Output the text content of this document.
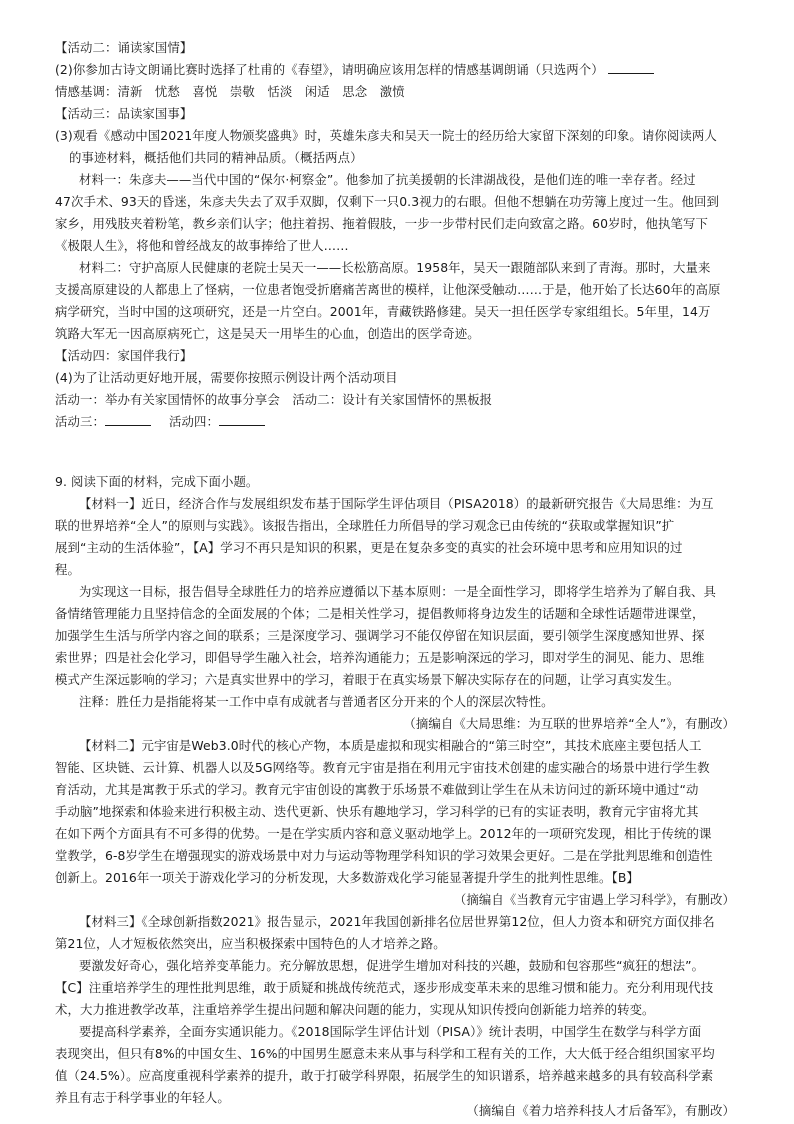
【活动二：诵读家国情】
(2)你参加古诗文朗诵比赛时选择了杜甫的《春望》，请明确应该用怎样的情感基调朗诵（只选两个）
情感基调：清新　忧愁　喜悦　崇敬　恬淡　闲适　思念　激愤
【活动三：品读家国事】
(3)观看《感动中国2021年度人物颁奖盛典》时，英雄朱彦夫和吴天一院士的经历给大家留下深刻的印象。请你阅读两人
的事迹材料，概括他们共同的精神品质。（概括两点）
材料一：朱彦夫——当代中国的“保尔·柯察金”。他参加了抗美援朝的长津湖战役，是他们连的唯一幸存者。经过
47次手术、93天的昏迷，朱彦夫失去了双手双脚，仅剩下一只0.3视力的右眼。但他不想躺在功劳簿上度过一生。他回到
家乡，用残肢夹着粉笔，教乡亲们认字；他拄着拐、拖着假肢，一步一步带村民们走向致富之路。60岁时，他执笔写下
《极限人生》，将他和曾经战友的故事捧给了世人……
材料二：守护高原人民健康的老院士吴天一——长松筋高原。1958年，吴天一跟随部队来到了青海。那时，大量来
支援高原建设的人都患上了怪病，一位患者饱受折磨痛苦离世的模样，让他深受触动……于是，他开始了长达60年的高原
病学研究，当时中国的这项研究，还是一片空白。2001年，青藏铁路修建。吴天一担任医学专家组组长。5年里，14万
筑路大军无一因高原病死亡，这是吴天一用毕生的心血，创造出的医学奇迹。
【活动四：家国伴我行】
(4)为了让活动更好地开展，需要你按照示例设计两个活动项目
活动一：举办有关家国情怀的故事分享会　活动二：设计有关家国情怀的黑板报
活动三：	活动四：
9. 阅读下面的材料，完成下面小题。
【材料一】近日，经济合作与发展组织发布基于国际学生评估项目（PISA2018）的最新研究报告《大局思维：为互
联的世界培养“全人”的原则与实践》。该报告指出，全球胜任力所倡导的学习观念已由传统的“获取或掌握知识”扩
展到“主动的生活体验”，【A】学习不再只是知识的积累，更是在复杂多变的真实的社会环境中思考和应用知识的过
程。
为实现这一目标，报告倡导全球胜任力的培养应遵循以下基本原则：一是全面性学习，即将学生培养为了解自我、具
备情绪管理能力且坚持信念的全面发展的个体；二是相关性学习，提倡教师将身边发生的话题和全球性话题带进课堂，
加强学生生活与所学内容之间的联系；三是深度学习、强调学习不能仅停留在知识层面，要引领学生深度感知世界、探
索世界；四是社会化学习，即倡导学生融入社会，培养沟通能力；五是影响深远的学习，即对学生的洞见、能力、思维
模式产生深远影响的学习；六是真实世界中的学习，着眼于在真实场景下解决实际存在的问题，让学习真实发生。
注释：胜任力是指能将某一工作中卓有成就者与普通者区分开来的个人的深层次特性。
（摘编自《大局思维：为互联的世界培养“全人”》，有删改）
【材料二】元宇宙是Web3.0时代的核心产物，本质是虚拟和现实相融合的“第三时空”，其技术底座主要包括人工
智能、区块链、云计算、机器人以及5G网络等。教育元宇宙是指在利用元宇宙技术创建的虚实融合的场景中进行学生教
育活动，尤其是寓教于乐式的学习。教育元宇宙创设的寓教于乐场景不难做到让学生在从未访问过的新环境中通过“动
手动脑”地探索和体验来进行积极主动、迭代更新、快乐有趣地学习，学习科学的已有的实证表明，教育元宇宙将尤其
在如下两个方面具有不可多得的优势。一是在学实质内容和意义驱动地学上。2012年的一项研究发现，相比于传统的课
堂教学，6-8岁学生在增强现实的游戏场景中对力与运动等物理学科知识的学习效果会更好。二是在学批判思维和创造性
创新上。2016年一项关于游戏化学习的分析发现，大多数游戏化学习能显著提升学生的批判性思维。【B】
（摘编自《当教育元宇宙遇上学习科学》，有删改）
【材料三】《全球创新指数2021》报告显示，2021年我国创新排名位居世界第12位，但人力资本和研究方面仅排名
第21位，人才短板依然突出，应当积极探索中国特色的人才培养之路。
要激发好奇心，强化培养变革能力。充分解放思想，促进学生增加对科技的兴趣，鼓励和包容那些“疯狂的想法”。
【C】注重培养学生的理性批判思维，敢于质疑和挑战传统范式，逐步形成变革未来的思维习惯和能力。充分利用现代技
术，大力推进教学改革，注重培养学生提出问题和解决问题的能力，实现从知识传授向创新能力培养的转变。
要提高科学素养，全面夯实通识能力。《2018国际学生评估计划（PISA）》统计表明，中国学生在数学与科学方面
表现突出，但只有8%的中国女生、16%的中国男生愿意未来从事与科学和工程有关的工作，大大低于经合组织国家平均
值（24.5%）。应高度重视科学素养的提升，敢于打破学科界限，拓展学生的知识谱系，培养越来越多的具有较高科学素
养且有志于科学事业的年轻人。
（摘编自《着力培养科技人才后备军》，有删改）
